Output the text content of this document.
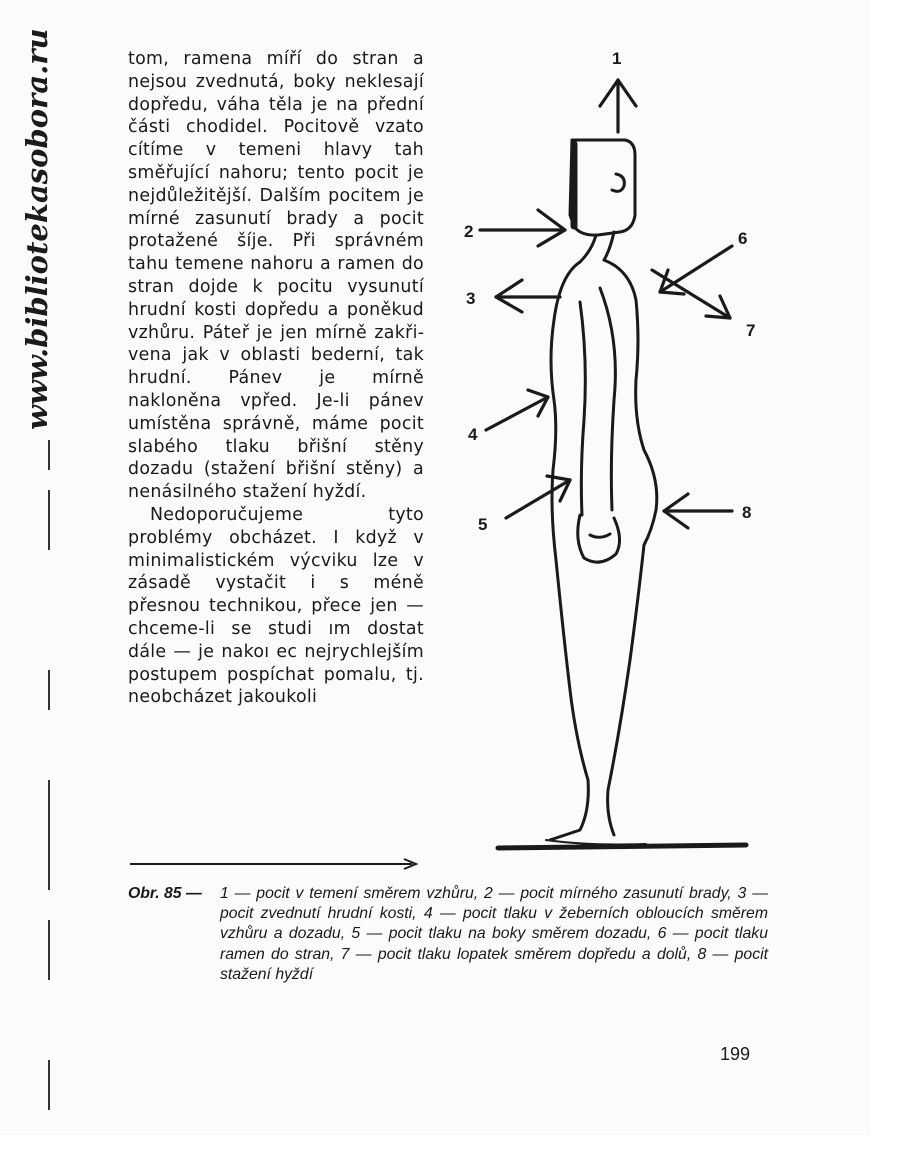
www.bibliotekasobora.ru	tom, ramena míří do stran a nejsou zvednutá, boky neklesají dopředu, váha těla je na přední části chodidel. Pocitově vzato cítíme v temeni hlavy tah směřující nahoru; tento pocit je nejdůležitější. Dalším pocitem je mírné zasunutí brady a pocit protažené šíje. Při správném tahu temene nahoru a ramen do stran dojde k pocitu vysunutí hrudní kosti dopředu a poněkud vzhůru. Páteř je jen mírně zakřivena jak v oblasti bederní, tak hrudní. Pánev je mírně nakloněna vpřed. Je-li pánev umístěna správně, máme pocit slabého tlaku břišní stěny dozadu (stažení břišní stěny) a nenásilného stažení hyždí.

Nedoporučujeme tyto problémy obcházet. I když v minimalistickém výcviku lze v zásadě vystačit i s méně přesnou technikou, přece jen — chceme-li se studi ım dostat dále — je nakoı ec nejrychlejším postupem pospíchat pomalu, tj. neobcházet jakoukoli

1
2
3
4
5
6
7
8
Obr. 85 —	1 — pocit v temení směrem vzhůru, 2 — pocit mírného zasunutí brady, 3 — pocit zvednutí hrudní kosti, 4 — pocit tlaku v žeberních obloucích směrem vzhůru a dozadu, 5 — pocit tlaku na boky směrem dozadu, 6 — pocit tlaku ramen do stran, 7 — pocit tlaku lopatek směrem dopředu a dolů, 8 — pocit stažení hyždí
199
